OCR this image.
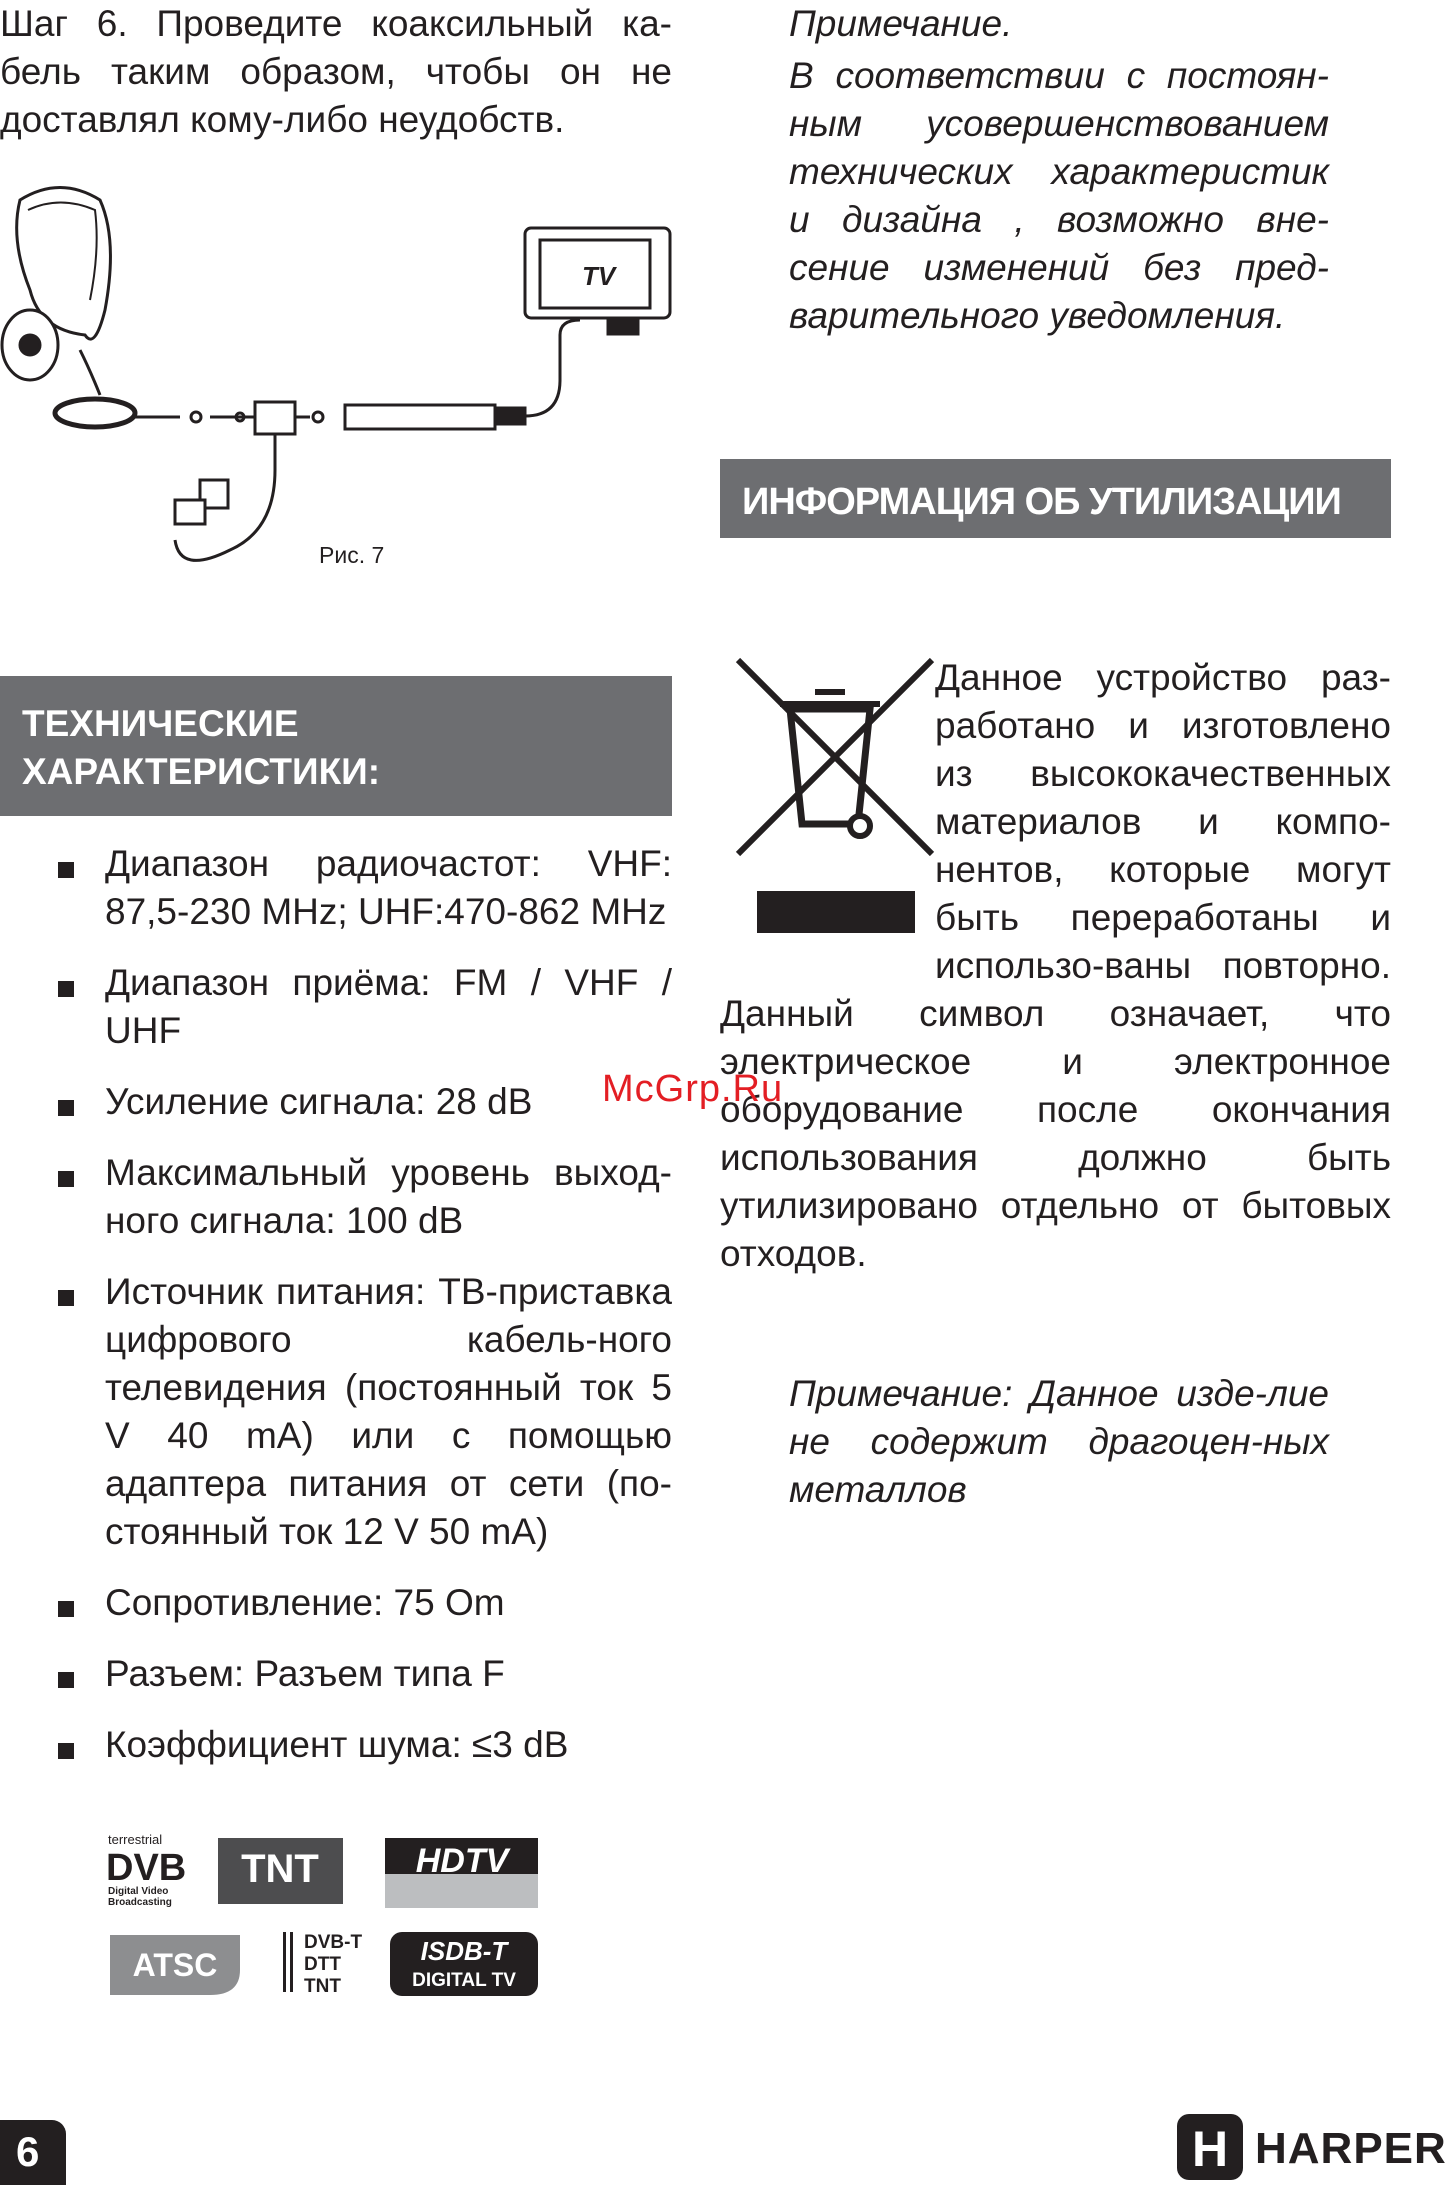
Шаг 6. Проведите коаксильный ка-бель таким образом, чтобы он не доставлял кому-либо неудобств.
TV
Рис. 7
Примечание.
В соответствии с постоян-ным усовершенствованием технических характеристик и дизайна , возможно вне-сение изменений без пред-варительного уведомления.
ТЕХНИЧЕСКИЕ
ХАРАКТЕРИСТИКИ:
Диапазон радиочастот: VHF: 87,5-230 MHz; UHF:470-862 MHz
Диапазон приёма: FM / VHF / UHF
Усиление сигнала: 28 dB
Максимальный уровень выход-ного сигнала: 100 dB
Источник питания: ТВ-приставка цифрового кабель-ного телевидения (постоянный ток 5 V 40 mA) или с помощью адаптера питания от сети (по-стоянный ток 12 V 50 mA)
Сопротивление: 75 Om
Разъем: Разъем типа F
Коэффициент шума: ≤3 dB
ИНФОРМАЦИЯ ОБ УТИЛИЗАЦИИ
Данное устройство раз-работано и изготовлено из высококачественных материалов и компо-нентов, которые могут быть переработаны и использо-ваны повторно. Данный символ означает, что электрическое и электронное оборудование после окончания использования должно быть утилизировано отдельно от бытовых отходов.
McGrp.Ru
Примечание: Данное изде-лие не содержит драгоцен-ных металлов
terrestrial
DVB
Digital Video
Broadcasting
TNT	HDTV
ATSC
DVB-T
DTT
TNT
ISDB-T
DIGITAL TV
6	H HARPER
